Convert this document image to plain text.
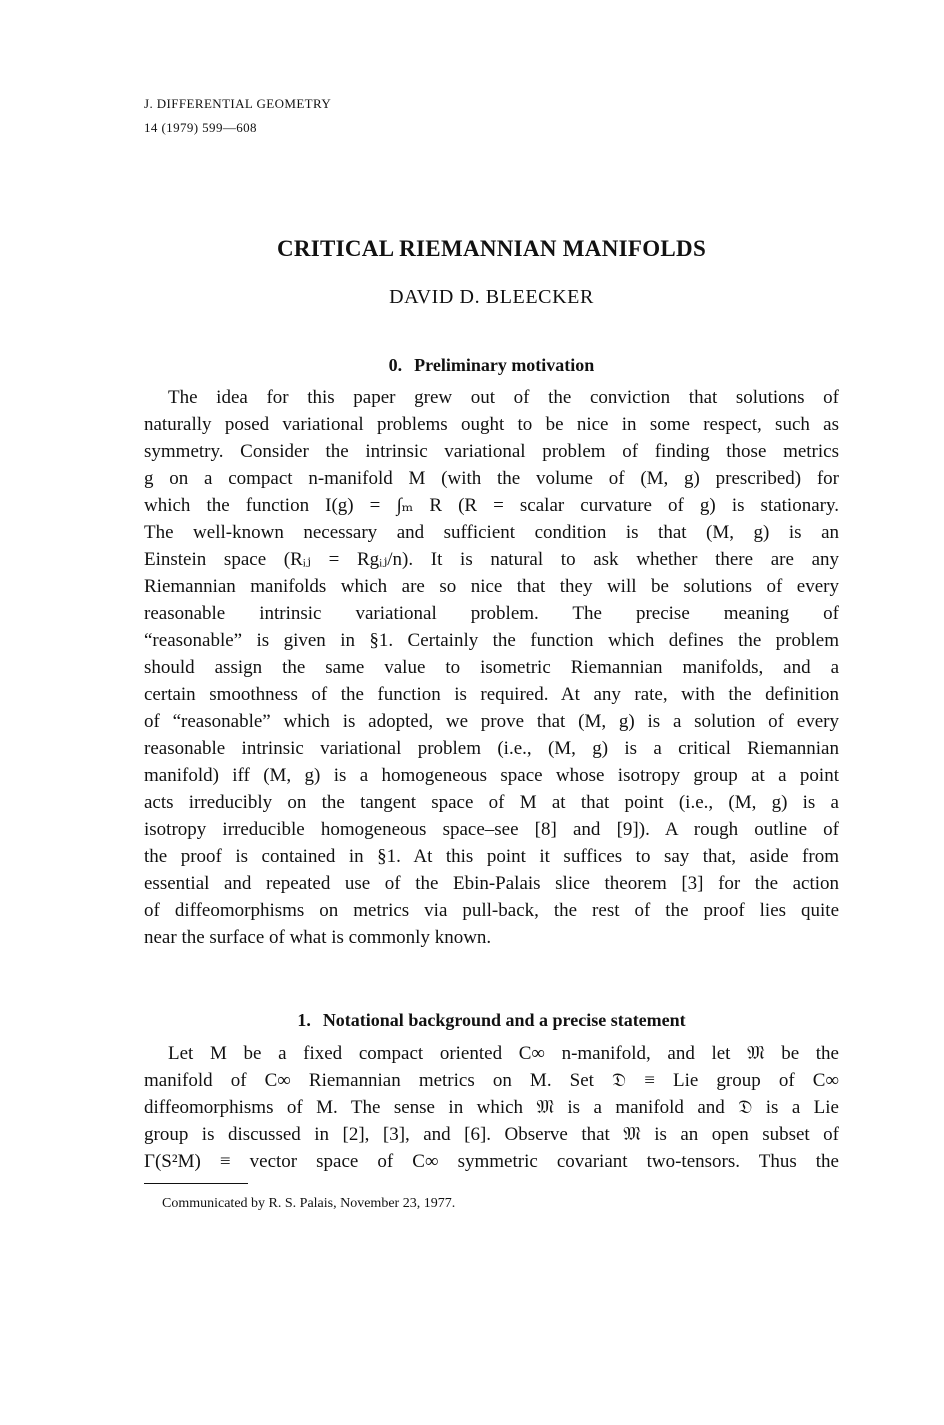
J. DIFFERENTIAL GEOMETRY
14 (1979) 599—608
CRITICAL RIEMANNIAN MANIFOLDS
DAVID D. BLEECKER
0. Preliminary motivation

The idea for this paper grew out of the conviction that solutions of
naturally posed variational problems ought to be nice in some respect, such as
symmetry. Consider the intrinsic variational problem of finding those metrics
g on a compact n-manifold M (with the volume of (M, g) prescribed) for
which the function I(g) = ∫ₘ R (R = scalar curvature of g) is stationary.
The well-known necessary and sufficient condition is that (M, g) is an
Einstein space (Rᵢⱼ = Rgᵢⱼ/n). It is natural to ask whether there are any
Riemannian manifolds which are so nice that they will be solutions of every
reasonable intrinsic variational problem. The precise meaning of
“reasonable” is given in §1. Certainly the function which defines the problem
should assign the same value to isometric Riemannian manifolds, and a
certain smoothness of the function is required. At any rate, with the definition
of “reasonable” which is adopted, we prove that (M, g) is a solution of every
reasonable intrinsic variational problem (i.e., (M, g) is a critical Riemannian
manifold) iff (M, g) is a homogeneous space whose isotropy group at a point
acts irreducibly on the tangent space of M at that point (i.e., (M, g) is a
isotropy irreducible homogeneous space–see [8] and [9]). A rough outline of
the proof is contained in §1. At this point it suffices to say that, aside from
essential and repeated use of the Ebin-Palais slice theorem [3] for the action
of diffeomorphisms on metrics via pull-back, the rest of the proof lies quite
near the surface of what is commonly known.

1. Notational background and a precise statement

Let M be a fixed compact oriented C∞ n-manifold, and let 𝔐 be the
manifold of C∞ Riemannian metrics on M. Set 𝔇 ≡ Lie group of C∞
diffeomorphisms of M. The sense in which 𝔐 is a manifold and 𝔇 is a Lie
group is discussed in [2], [3], and [6]. Observe that 𝔐 is an open subset of
Γ(S²M) ≡ vector space of C∞ symmetric covariant two-tensors. Thus the

Communicated by R. S. Palais, November 23, 1977.
